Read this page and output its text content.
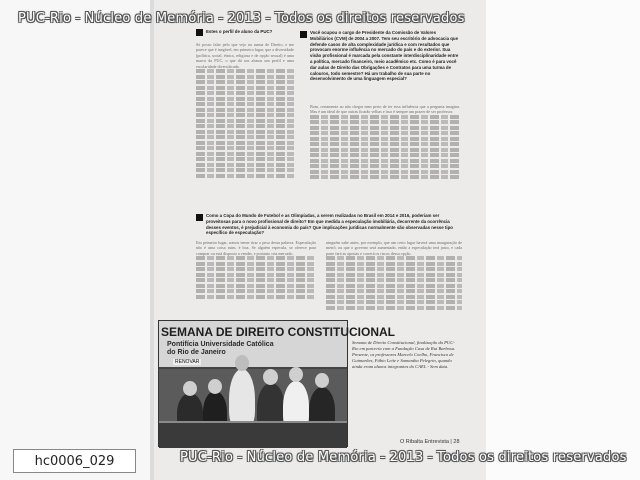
Estes o perfil de aluno da PUC?
Só posso falar pelo que vejo na turma de Direito, e me parece que é inegável, em primeiro lugar, que a diversidade (política, social, étnica, religiosa e de opção sexual) é uma marca da PUC, o que dá aos alunos um perfil e uma escolaridade diversificada.
Você ocupou o cargo de Presidente da Comissão de Valores Mobiliários (CVM) de 2004 a 2007. Tem seu escritório de advocacia que defende casos de alta complexidade jurídica e com resultados que provocam enorme influência no mercado do país e do exterior. Sua visão profissional é marcada pela constante interdisciplinaridade entre a política, mercado financeiro, meio acadêmico etc. Como é para você dar aulas de Direito das Obrigações e Contratos para uma turma de calouros, todo semestre? Há um trabalho de sua parte no desenvolvimento de uma linguagem especial?
Bom, certamente ao não chegar nem perto de ter essa influência que a pergunta imagina. Mas é um ideal de que outras ficarão velhas e isso é sempre um prazer de ser professor.
Como a Copa do Mundo de Futebol e as Olimpíadas, a serem realizadas no Brasil em 2014 e 2016, poderiam ser proveitosas para o novo profissional de direito? Em que medida a especulação imobiliária, decorrente da ocorrência desses eventos, é prejudicial à economia do país? Que implicações jurídicas normalmente são observadas nesse tipo específico de especulação?
Em primeiro lugar, somos temer tirar o peso dessa palavra. Especulação não é uma coisa ruim, é boa. Se alguém especula, se oferece para comprar ou está disposto a vender, e portanto cria mercado.
ninguém sabe antes, por exemplo, que um certo lugar haverá uma inauguração de metrô, ou que o governo será aumentado, então a especulação terá justo, e cada parte fará as apostas e correrá os riscos dessa opção.
SEMANA DE DIREITO CONSTITUCIONAL
Pontifícia Universidade Católica do Rio de Janeiro
RENOVAR
Semana de Direito Constitucional, finalização da PUC-Rio em parceria com a Fundação Casa de Rui Barbosa. Presente, os professores Marcelo Coelho, Francisco de Guimarães, Fábio Leite e Samantha Pelegrin, quando ainda eram alunos integrantes do CAEL - Sem data.
O Ribalta Entrevista | 28
PUC-Rio - Núcleo de Memória - 2013 - Todos os direitos reservados
PUC-Rio - Núcleo de Memória - 2013 - Todos os direitos reservados
hc0006_029
